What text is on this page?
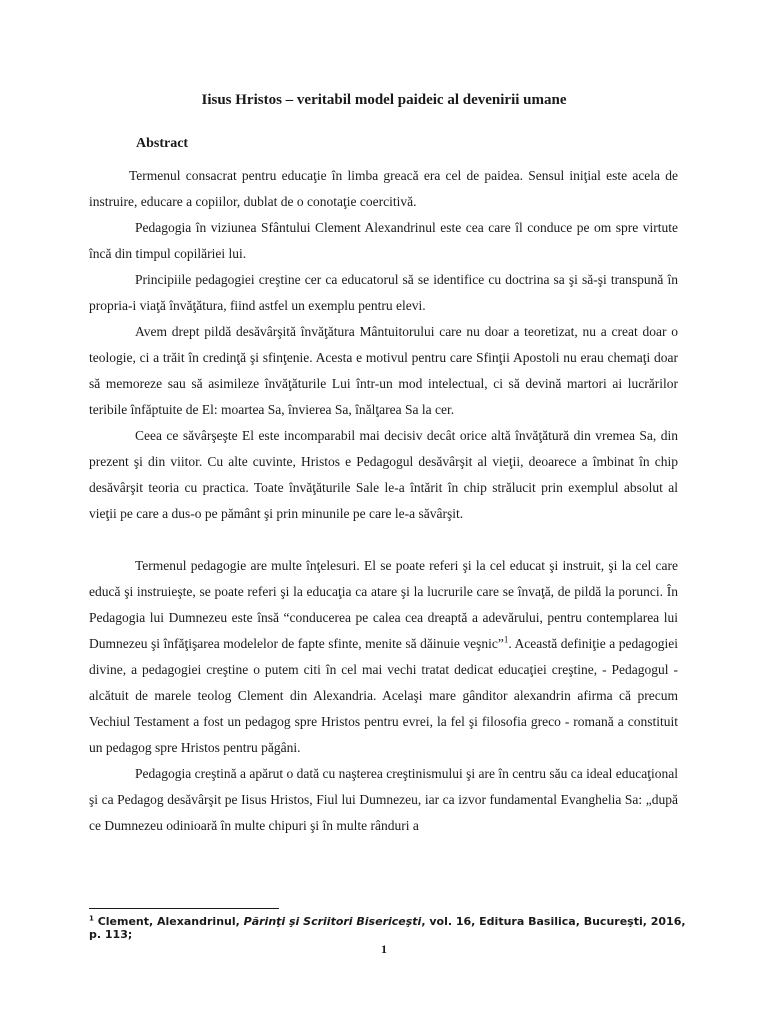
Iisus Hristos – veritabil model paideic al devenirii umane
Abstract

Termenul consacrat pentru educaţie în limba greacă era cel de paidea. Sensul iniţial este acela de instruire, educare a copiilor, dublat de o conotaţie coercitivă.

Pedagogia în viziunea Sfântului Clement Alexandrinul este cea care îl conduce pe om spre virtute încă din timpul copilăriei lui.

Principiile pedagogiei creştine cer ca educatorul să se identifice cu doctrina sa şi să-şi transpună în propria-i viaţă învăţătura, fiind astfel un exemplu pentru elevi.

Avem drept pildă desăvârşită învăţătura Mântuitorului care nu doar a teoretizat, nu a creat doar o teologie, ci a trăit în credinţă şi sfinţenie. Acesta e motivul pentru care Sfinţii Apostoli nu erau chemaţi doar să memoreze sau să asimileze învăţăturile Lui într-un mod intelectual, ci să devină martori ai lucrărilor teribile înfăptuite de El: moartea Sa, învierea Sa, înălţarea Sa la cer.

Ceea ce săvârşeşte El este incomparabil mai decisiv decât orice altă învăţătură din vremea Sa, din prezent şi din viitor. Cu alte cuvinte, Hristos e Pedagogul desăvârşit al vieţii, deoarece a îmbinat în chip desăvârşit teoria cu practica. Toate învăţăturile Sale le-a întărit în chip strălucit prin exemplul absolut al vieţii pe care a dus-o pe pământ şi prin minunile pe care le-a săvârşit.

Termenul pedagogie are multe înţelesuri. El se poate referi şi la cel educat şi instruit, şi la cel care educă şi instruieşte, se poate referi şi la educaţia ca atare şi la lucrurile care se învaţă, de pildă la porunci. În Pedagogia lui Dumnezeu este însă “conducerea pe calea cea dreaptă a adevărului, pentru contemplarea lui Dumnezeu şi înfăţişarea modelelor de fapte sfinte, menite să dăinuie veşnic”$^1$. Această definiţie a pedagogiei divine, a pedagogiei creştine o putem citi în cel mai vechi tratat dedicat educaţiei creştine, - Pedagogul - alcătuit de marele teolog Clement din Alexandria. Acelaşi mare gânditor alexandrin afirma că precum Vechiul Testament a fost un pedagog spre Hristos pentru evrei, la fel şi filosofia greco - romană a constituit un pedagog spre Hristos pentru păgâni.

Pedagogia creştină a apărut o dată cu naşterea creştinismului şi are în centru său ca ideal educaţional şi ca Pedagog desăvârşit pe Iisus Hristos, Fiul lui Dumnezeu, iar ca izvor fundamental Evanghelia Sa: „după ce Dumnezeu odinioară în multe chipuri şi în multe rânduri a

$^1$ Clement, Alexandrinul, Părinţi şi Scriitori Bisericeşti, vol. 16, Editura Basilica, Bucureşti, 2016, p. 113;
1
